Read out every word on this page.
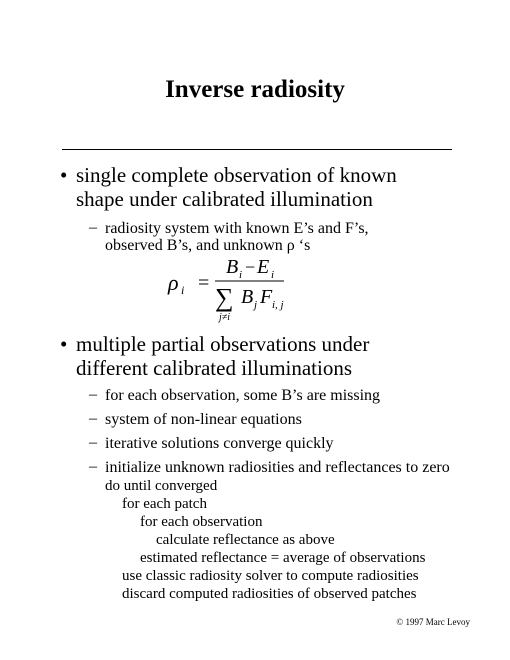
Inverse radiosity
• single complete observation of known
shape under calibrated illumination
– radiosity system with known E’s and F’s,
observed B’s, and unknown ρ ‘s
ρ i =
B i − E i
∑ B j F i, j
j≠i
• multiple partial observations under
different calibrated illuminations
– for each observation, some B’s are missing
– system of non-linear equations
– iterative solutions converge quickly
– initialize unknown radiosities and reflectances to zero
do until converged
for each patch
for each observation
calculate reflectance as above
estimated reflectance = average of observations
use classic radiosity solver to compute radiosities
discard computed radiosities of observed patches
© 1997 Marc Levoy
